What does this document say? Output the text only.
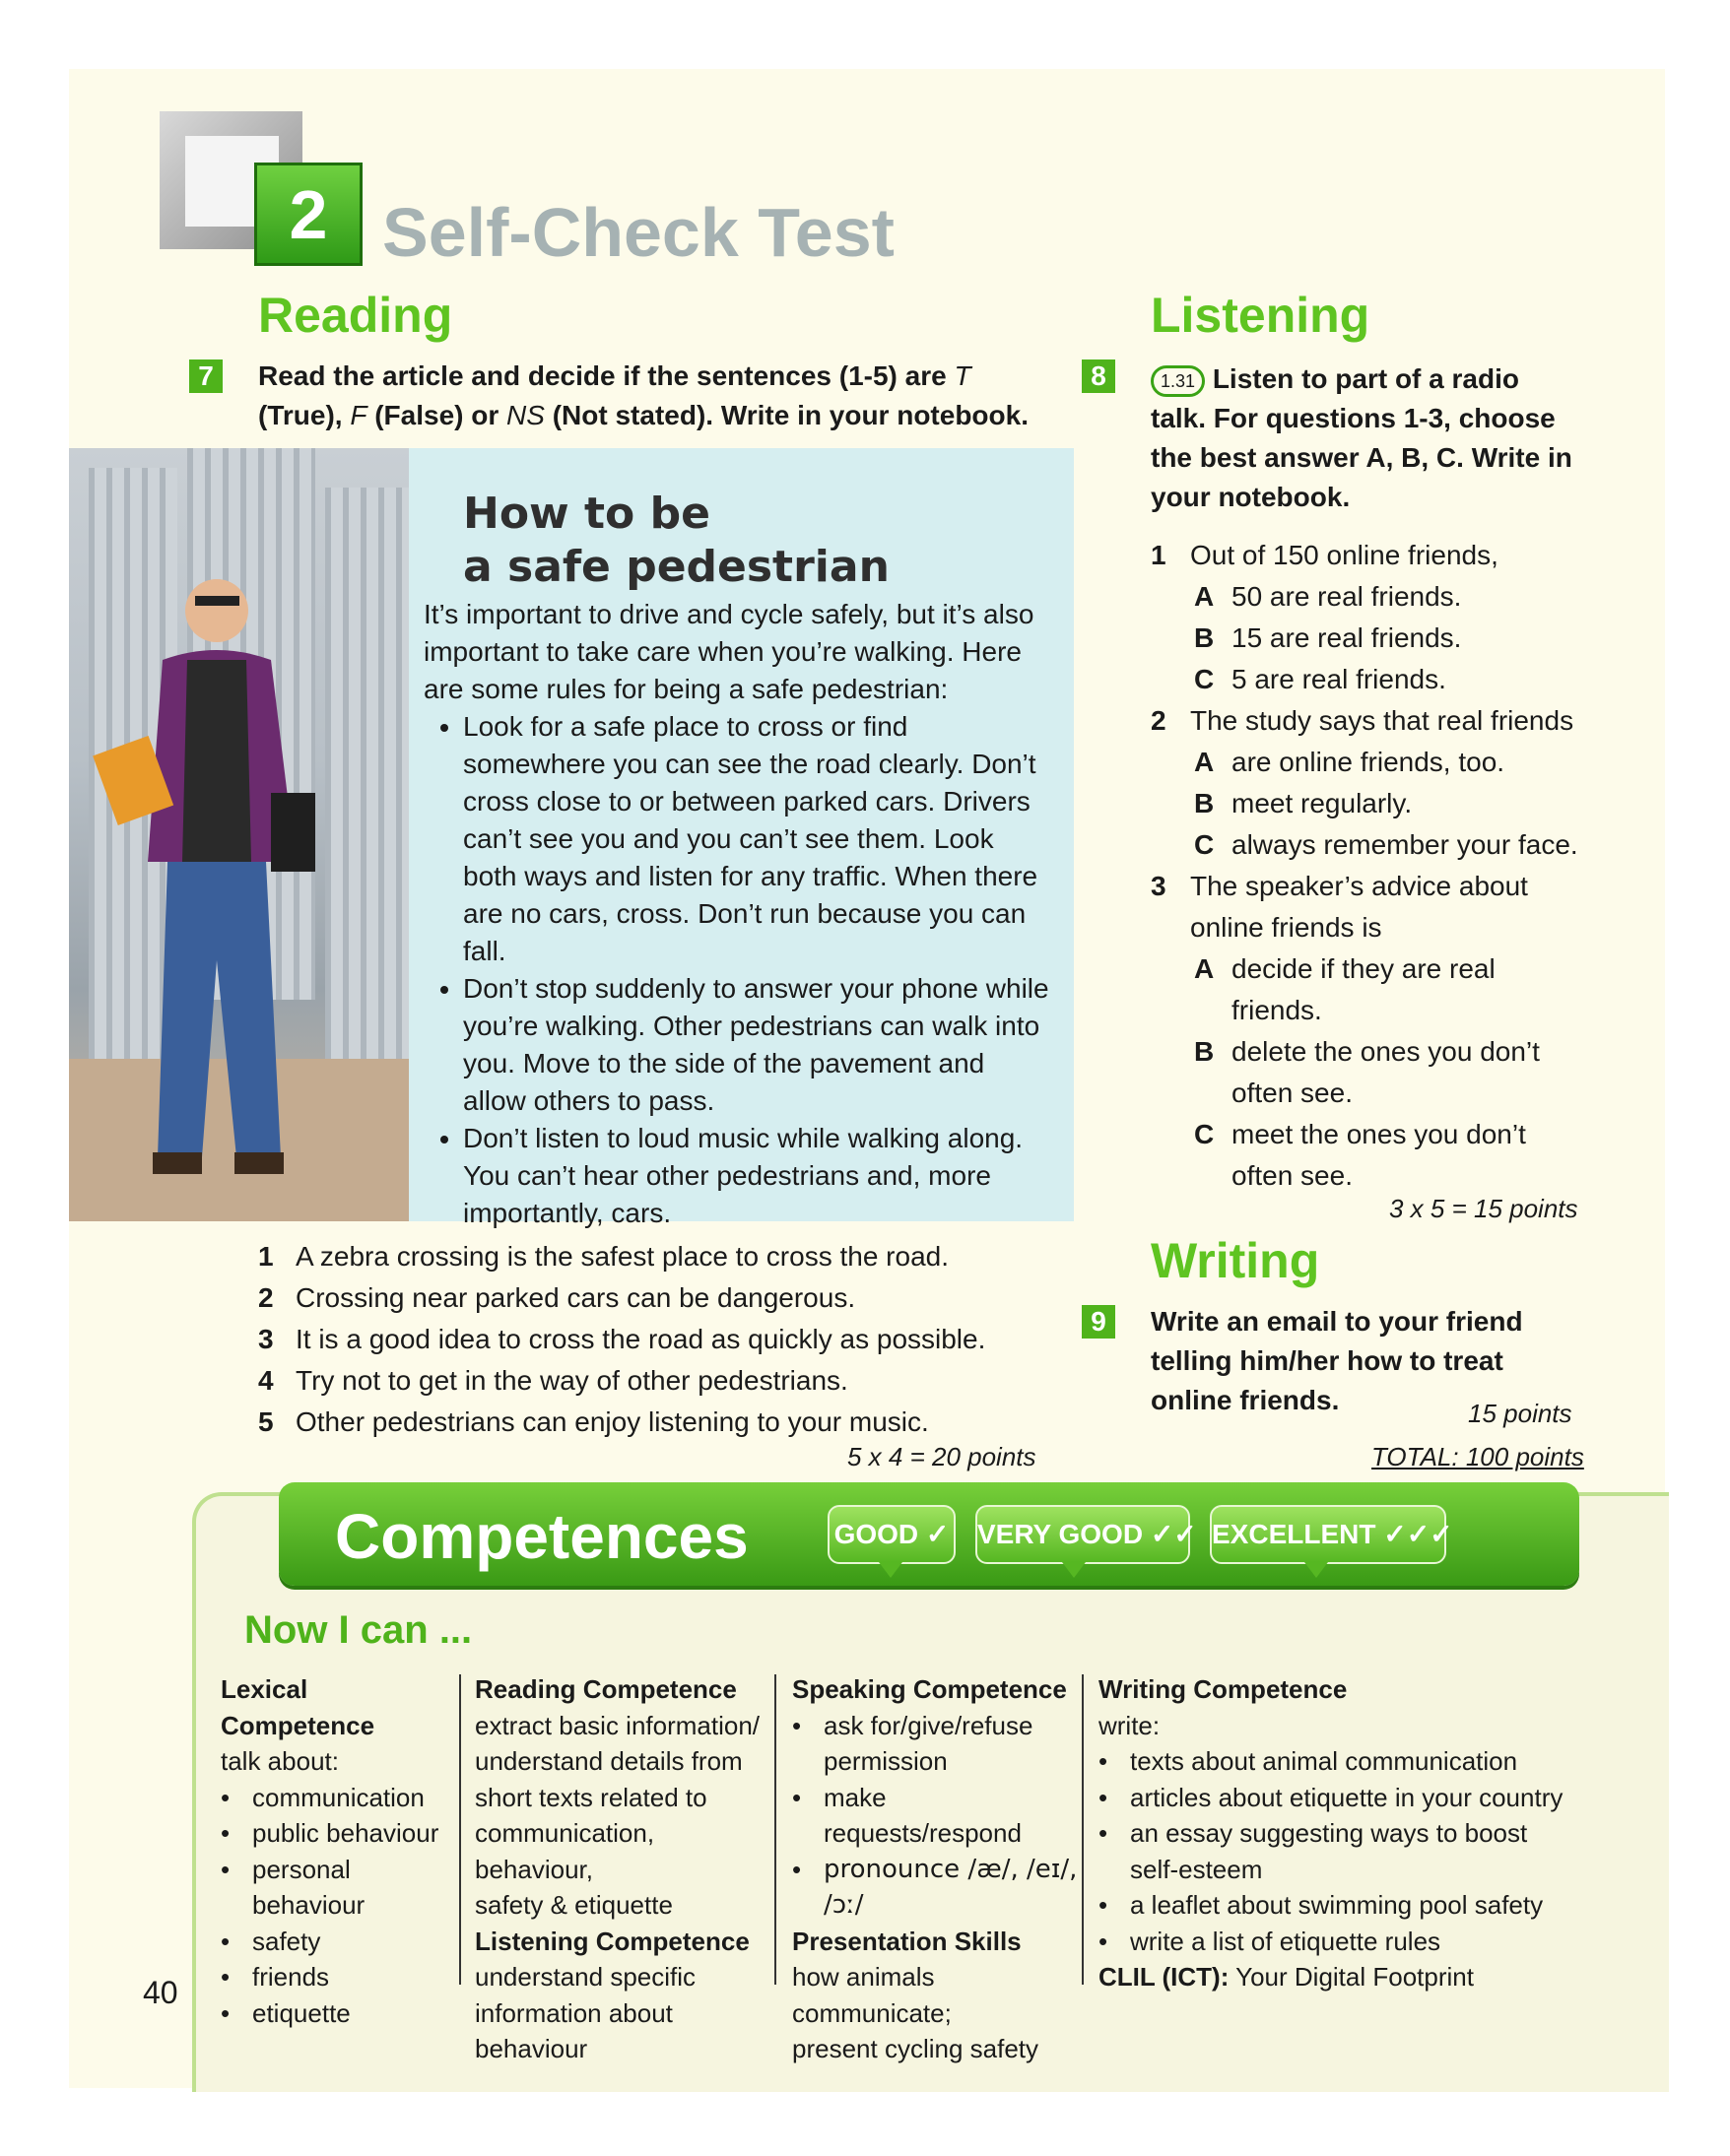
2 Self-Check Test
Reading
7	Read the article and decide if the sentences (1-5) are T (True), F (False) or NS (Not stated). Write in your notebook.
How to be
a safe pedestrian
It’s important to drive and cycle safely, but it’s also important to take care when you’re walking. Here are some rules for being a safe pedestrian:
• Look for a safe place to cross or find somewhere you can see the road clearly. Don’t cross close to or between parked cars. Drivers can’t see you and you can’t see them. Look both ways and listen for any traffic. When there are no cars, cross. Don’t run because you can fall.
• Don’t stop suddenly to answer your phone while you’re walking. Other pedestrians can walk into you. Move to the side of the pavement and allow others to pass.
• Don’t listen to loud music while walking along. You can’t hear other pedestrians and, more importantly, cars.
1 A zebra crossing is the safest place to cross the road.
2 Crossing near parked cars can be dangerous.
3 It is a good idea to cross the road as quickly as possible.
4 Try not to get in the way of other pedestrians.
5 Other pedestrians can enjoy listening to your music.
5 x 4 = 20 points
Listening
8	1.31 Listen to part of a radio talk. For questions 1-3, choose the best answer A, B, C. Write in your notebook.
1 Out of 150 online friends,
A 50 are real friends.
B 15 are real friends.
C 5 are real friends.
2 The study says that real friends
A are online friends, too.
B meet regularly.
C always remember your face.
3 The speaker’s advice about
online friends is
A decide if they are real
friends.
B delete the ones you don’t
often see.
C meet the ones you don’t
often see.
3 x 5 = 15 points
Writing
9	Write an email to your friend
telling him/her how to treat
online friends.	15 points
TOTAL: 100 points
Competences	GOOD ✓ VERY GOOD ✓✓ EXCELLENT ✓✓✓
Now I can ...
Lexical Competence
talk about:
• communication
• public behaviour
• personal behaviour
• safety
• friends
• etiquette
Reading Competence
extract basic information/
understand details from
short texts related to
communication, behaviour,
safety & etiquette
Listening Competence
understand specific
information about behaviour
Speaking Competence
• ask for/give/refuse
permission
• make requests/respond
• pronounce /æ/, /eɪ/,
/ɔː/
Presentation Skills
how animals communicate;
present cycling safety
Writing Competence
write:
• texts about animal communication
• articles about etiquette in your country
• an essay suggesting ways to boost
self-esteem
• a leaflet about swimming pool safety
• write a list of etiquette rules
CLIL (ICT): Your Digital Footprint
40
